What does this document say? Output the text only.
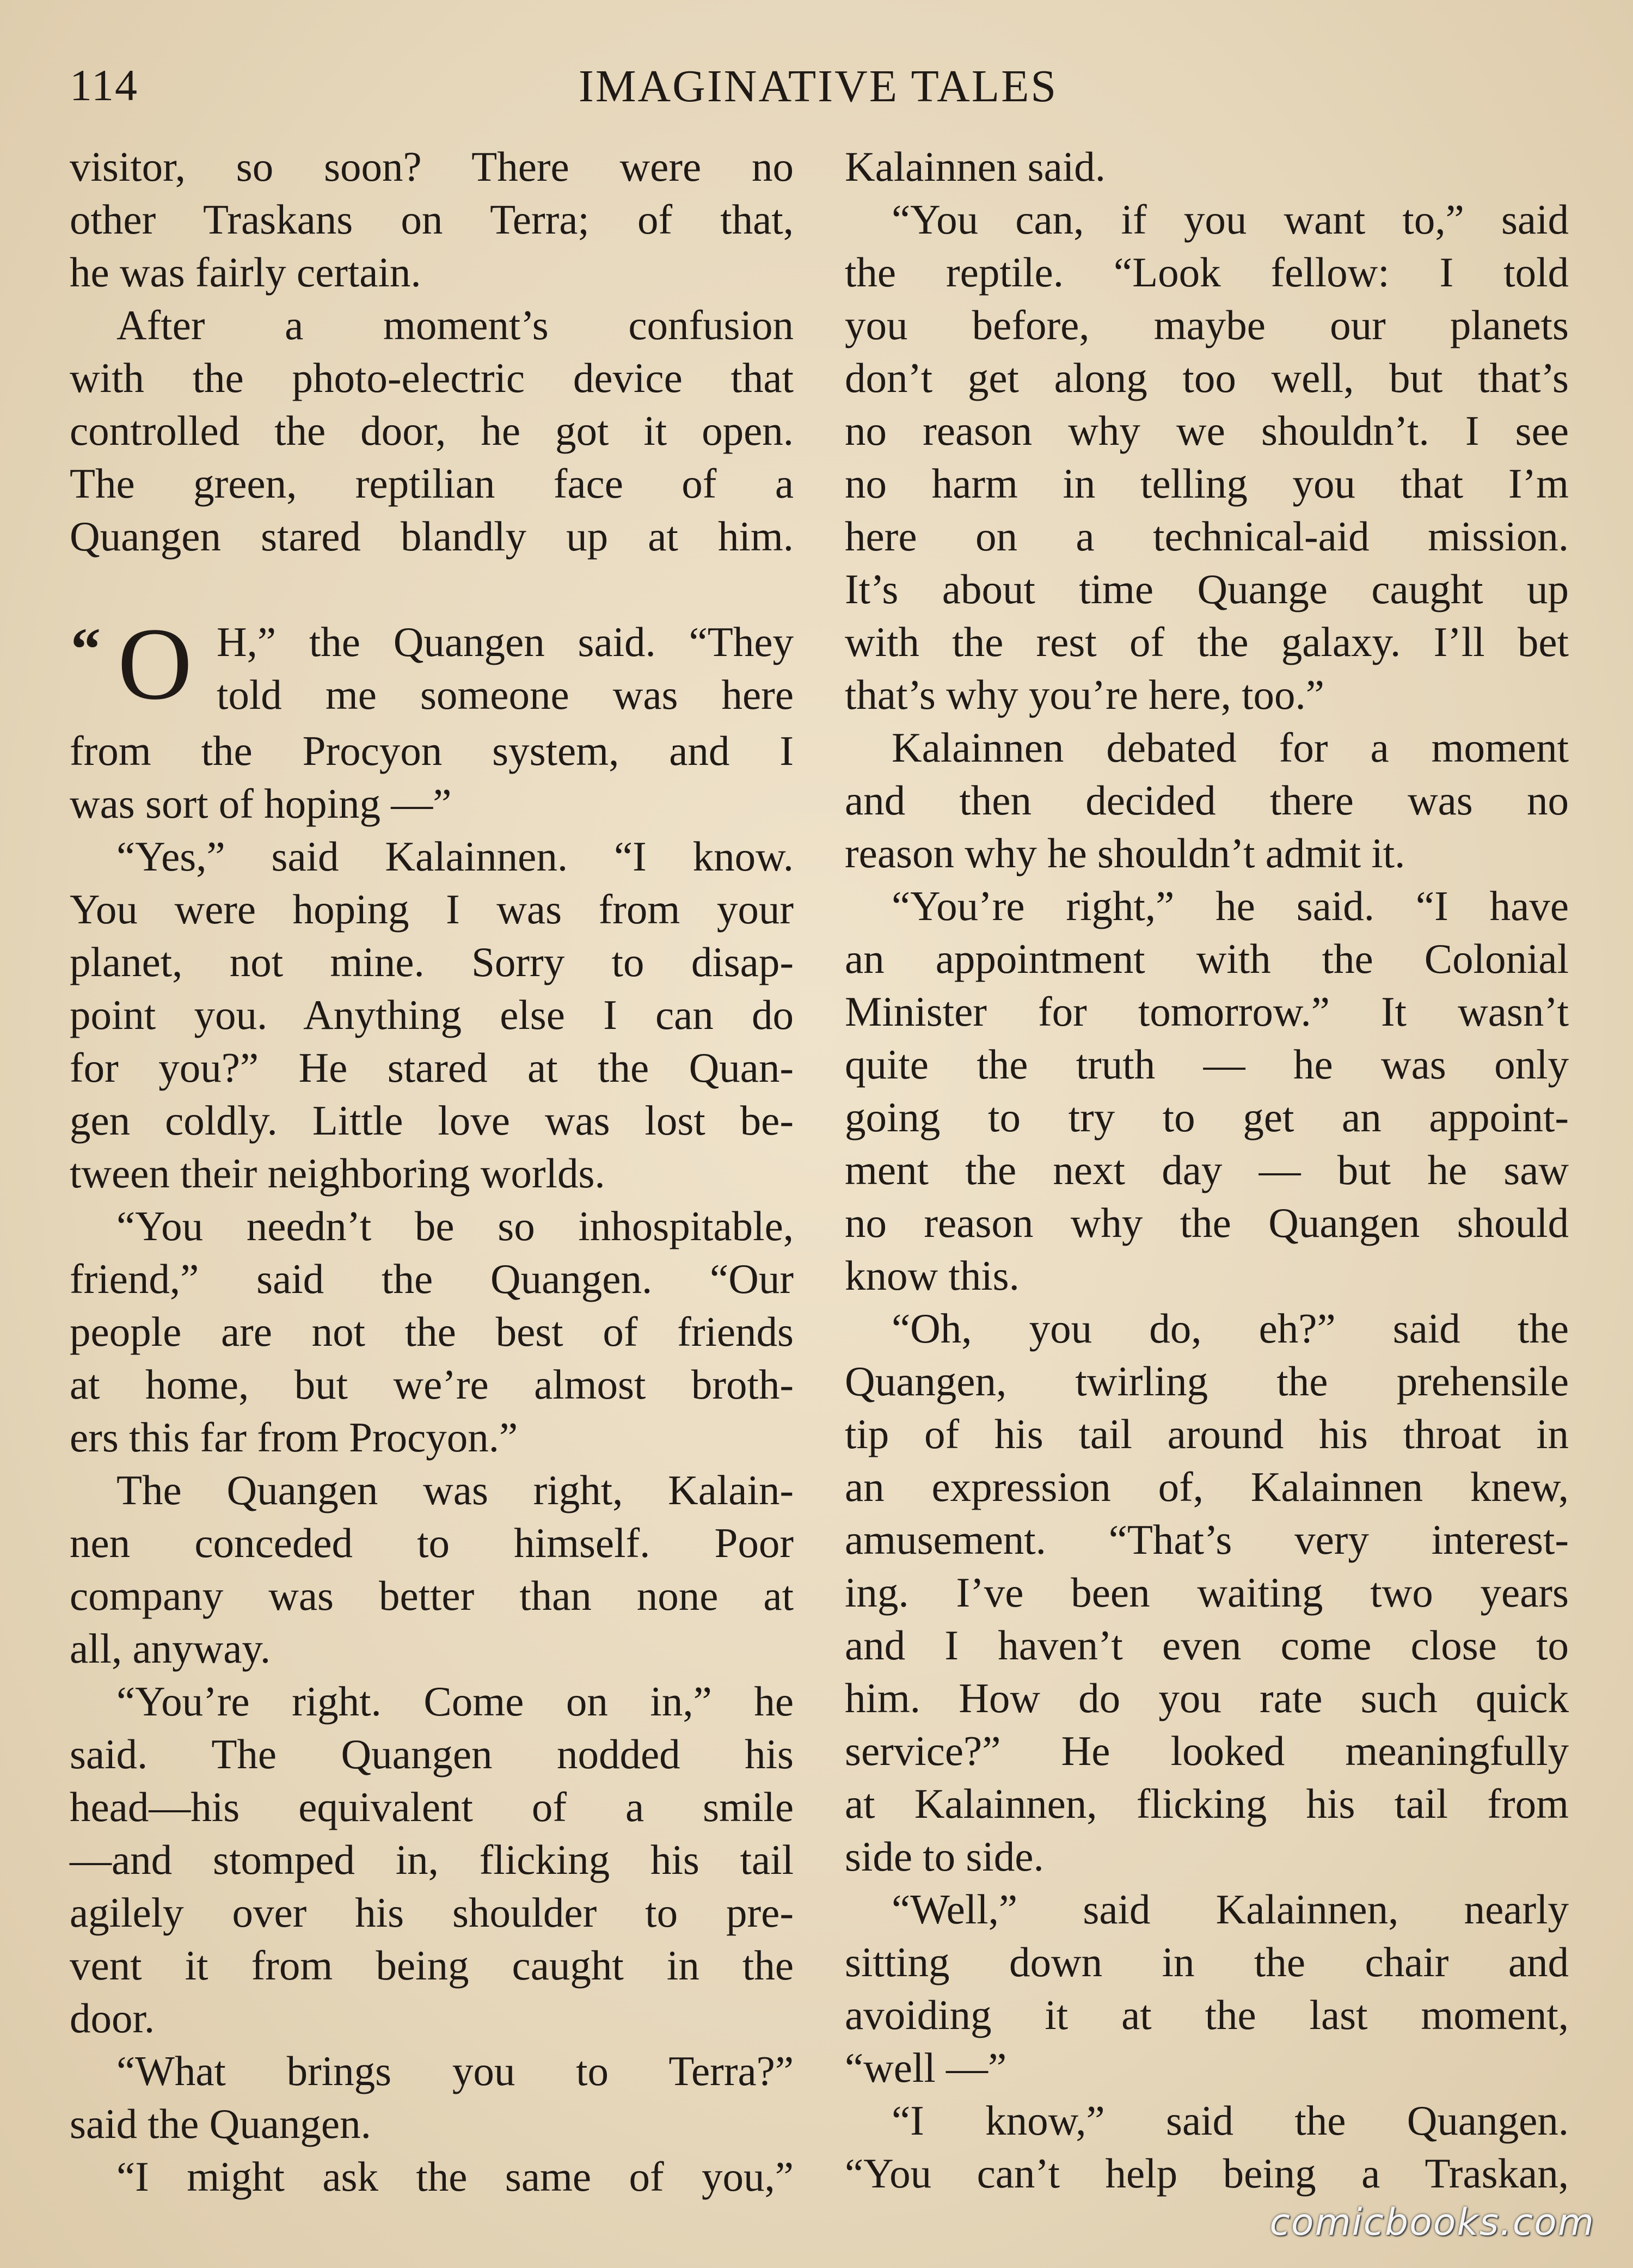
114	IMAGINATIVE TALES
visitor, so soon? There were no
other Traskans on Terra; of that,
he was fairly certain.
After a moment’s confusion
with the photo-electric device that
controlled the door, he got it open.
The green, reptilian face of a
Quangen stared blandly up at him.
“ O H,” the Quangen said. “They
told me someone was here
from the Procyon system, and I
was sort of hoping —”
“Yes,” said Kalainnen. “I know.
You were hoping I was from your
planet, not mine. Sorry to disap-
point you. Anything else I can do
for you?” He stared at the Quan-
gen coldly. Little love was lost be-
tween their neighboring worlds.
“You needn’t be so inhospitable,
friend,” said the Quangen. “Our
people are not the best of friends
at home, but we’re almost broth-
ers this far from Procyon.”
The Quangen was right, Kalain-
nen conceded to himself. Poor
company was better than none at
all, anyway.
“You’re right. Come on in,” he
said. The Quangen nodded his
head—his equivalent of a smile
—and stomped in, flicking his tail
agilely over his shoulder to pre-
vent it from being caught in the
door.
“What brings you to Terra?”
said the Quangen.
“I might ask the same of you,”
Kalainnen said.
“You can, if you want to,” said
the reptile. “Look fellow: I told
you before, maybe our planets
don’t get along too well, but that’s
no reason why we shouldn’t. I see
no harm in telling you that I’m
here on a technical-aid mission.
It’s about time Quange caught up
with the rest of the galaxy. I’ll bet
that’s why you’re here, too.”
Kalainnen debated for a moment
and then decided there was no
reason why he shouldn’t admit it.
“You’re right,” he said. “I have
an appointment with the Colonial
Minister for tomorrow.” It wasn’t
quite the truth — he was only
going to try to get an appoint-
ment the next day — but he saw
no reason why the Quangen should
know this.
“Oh, you do, eh?” said the
Quangen, twirling the prehensile
tip of his tail around his throat in
an expression of, Kalainnen knew,
amusement. “That’s very interest-
ing. I’ve been waiting two years
and I haven’t even come close to
him. How do you rate such quick
service?” He looked meaningfully
at Kalainnen, flicking his tail from
side to side.
“Well,” said Kalainnen, nearly
sitting down in the chair and
avoiding it at the last moment,
“well —”
“I know,” said the Quangen.
“You can’t help being a Traskan,
comicbooks.com
